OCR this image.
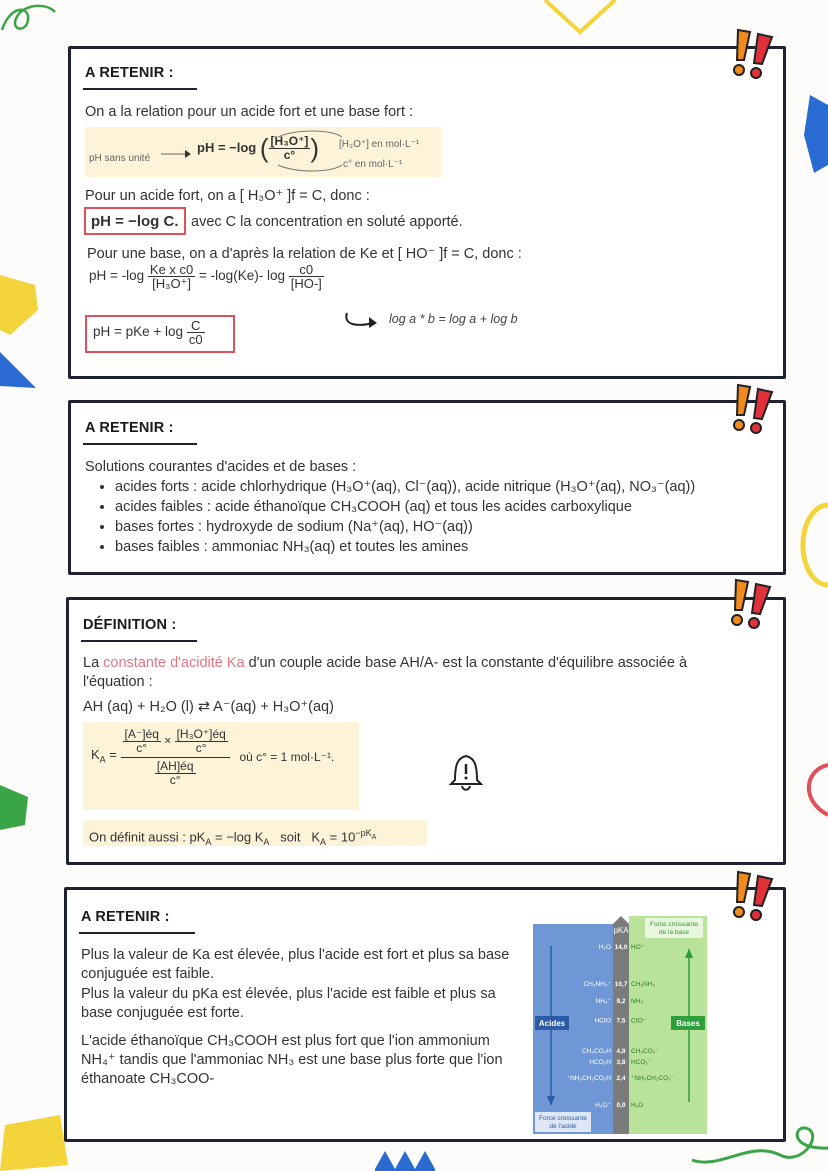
A RETENIR :
On a la relation pour un acide fort et une base fort :
pH sans unité
pH = −log ( $\frac{\text{[H₃O⁺]}}{c^\circ}$ ) [H₃O⁺] en mol·L⁻¹
c° en mol·L⁻¹
Pour un acide fort, on a [ H₃O⁺ ]f = C, donc :
pH = −log C. avec C la concentration en soluté apporté.
Pour une base, on a d'après la relation de Ke et [ HO⁻ ]f = C, donc :
pH = $-\log \frac{\text{Ke x c0}}{\text{[H₃O⁺]}} = -\log(Ke)-$ $\log \frac{c0}{[HO-]}$
pH = pKe + $\log \frac{C}{c0}$	log a * b = log a + log b
A RETENIR :
Solutions courantes d'acides et de bases :
• acides forts : acide chlorhydrique (H₃O⁺(aq), Cl⁻(aq)), acide nitrique (H₃O⁺(aq), NO₃⁻(aq))
• acides faibles : acide éthanoïque CH₃COOH (aq) et tous les acides carboxylique
• bases fortes : hydroxyde de sodium (Na⁺(aq), HO⁻(aq))
• bases faibles : ammoniac NH₃(aq) et toutes les amines
DÉFINITION :
La constante d'acidité Ka d'un couple acide base AH/A- est la constante d'équilibre associée à
l'équation :
AH (aq) + H₂O (l) ⇄ A⁻(aq) + H₃O⁺(aq)
$K_A = \frac{\frac{[A^-]éq}{c^\circ} \times \frac{\text{[H₃O⁺]éq}}{c^\circ}}{\frac{[AH]éq}{c^\circ}}$ où c° = 1 mol·L⁻¹.
On définit aussi : $pK_A = -\log$ $K_A$ soit $K_A = 10^{-pK_A}$
A RETENIR :
Plus la valeur de Ka est élevée, plus l'acide est fort et plus sa base conjuguée est faible.
Plus la valeur du pKa est élevée, plus l'acide est faible et plus sa base conjuguée est forte.
L'acide éthanoïque CH₃COOH est plus fort que l'ion ammonium NH₄⁺ tandis que l'ammoniac NH₃ est une base plus forte que l'ion éthanoate CH₃COO-
pKA
Force croissante
de la base
Force croissante
de l'acide
Acides	Bases
H₂O 14,0 HO⁻
CH₃NH₃⁺ 10,7 CH₃NH₂
NH₄⁺ 9,2 NH₃
HCℓO 7,5 CℓO⁻
CH₃CO₂H 4,8 CH₃CO₂⁻
HCO₂H 3,8 HCO₂⁻
⁺NH₃CH₂CO₂H 2,4 ⁺NH₃CH₂CO₂⁻
H₃O⁺ 0,0 H₂O
